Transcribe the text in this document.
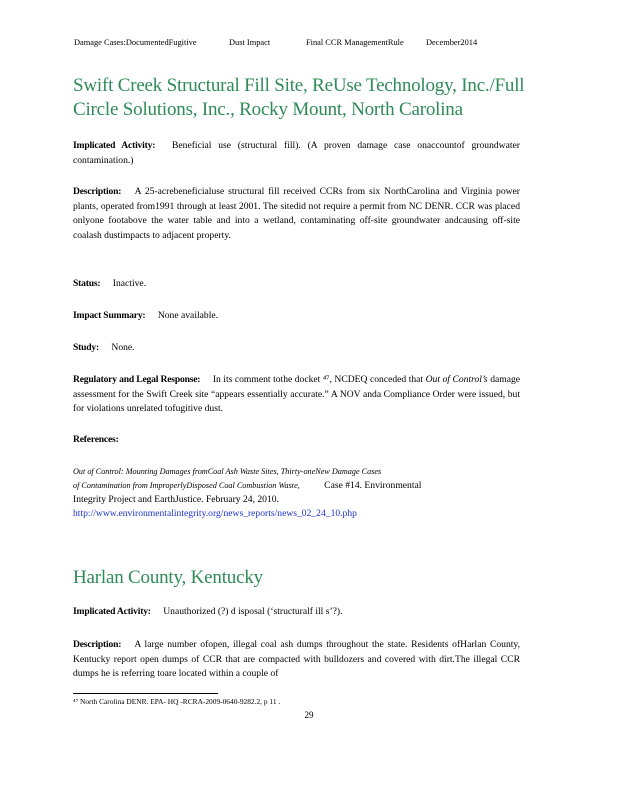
Damage Cases:DocumentedFugitive	Dust Impact	Final CCR ManagementRule	December2014
Swift Creek Structural Fill Site, ReUse Technology, Inc./Full Circle Solutions, Inc., Rocky Mount, North Carolina
Implicated Activity: Beneficial use (structural fill). (A proven damage case onaccountof groundwater contamination.)
Description: A 25-acrebeneficialuse structural fill received CCRs from six NorthCarolina and Virginia power plants, operated from1991 through at least 2001. The sitedid not require a permit from NC DENR. CCR was placed onlyone footabove the water table and into a wetland, contaminating off-site groundwater andcausing off-site coalash dustimpacts to adjacent property.
Status: Inactive.
Impact Summary: None available.
Study: None.
Regulatory and Legal Response: In its comment tothe docket ⁴⁷, NCDEQ conceded that Out of Control’s damage assessment for the Swift Creek site “appears essentially accurate.” A NOV anda Compliance Order were issued, but for violations unrelated tofugitive dust.
References:
Out of Control: Mounting Damages fromCoal Ash Waste Sites, Thirty-oneNew Damage Cases
of Contamination from ImproperlyDisposed Coal Combustion Waste,	Case #14. Environmental
Integrity Project and EarthJustice. February 24, 2010.
http://www.environmentalintegrity.org/news_reports/news_02_24_10.php
Harlan County, Kentucky
Implicated Activity: Unauthorized (?) d isposal (‘structuralf ill s’?).
Description: A large number ofopen, illegal coal ash dumps throughout the state. Residents ofHarlan County, Kentucky report open dumps of CCR that are compacted with bulldozers and covered with dirt.The illegal CCR dumps he is referring toare located within a couple of
⁴⁷ North Carolina DENR. EPA- HQ -RCRA-2009-0640-9282.2, p 11 .
29
